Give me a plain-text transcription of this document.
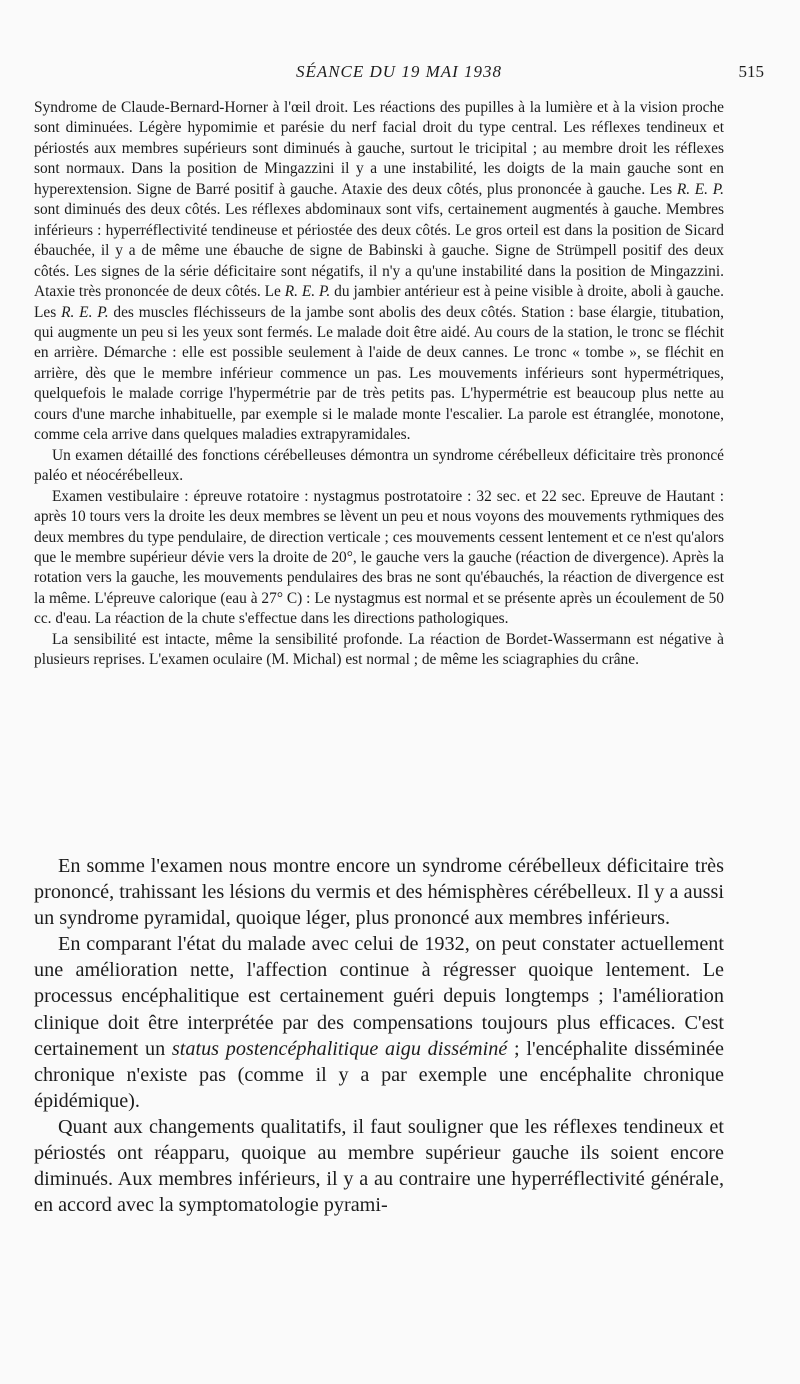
SÉANCE DU 19 MAI 1938	515

Syndrome de Claude-Bernard-Horner à l'œil droit. Les réactions des pupilles à la lumière et à la vision proche sont diminuées. Légère hypomimie et parésie du nerf facial droit du type central. Les réflexes tendineux et périostés aux membres supérieurs sont diminués à gauche, surtout le tricipital ; au membre droit les réflexes sont normaux. Dans la position de Mingazzini il y a une instabilité, les doigts de la main gauche sont en hyperextension. Signe de Barré positif à gauche. Ataxie des deux côtés, plus prononcée à gauche. Les R. E. P. sont diminués des deux côtés. Les réflexes abdominaux sont vifs, certainement augmentés à gauche. Membres inférieurs : hyperréflectivité tendineuse et périostée des deux côtés. Le gros orteil est dans la position de Sicard ébauchée, il y a de même une ébauche de signe de Babinski à gauche. Signe de Strümpell positif des deux côtés. Les signes de la série déficitaire sont négatifs, il n'y a qu'une instabilité dans la position de Mingazzini. Ataxie très prononcée de deux côtés. Le R. E. P. du jambier antérieur est à peine visible à droite, aboli à gauche. Les R. E. P. des muscles fléchisseurs de la jambe sont abolis des deux côtés. Station : base élargie, titubation, qui augmente un peu si les yeux sont fermés. Le malade doit être aidé. Au cours de la station, le tronc se fléchit en arrière. Démarche : elle est possible seulement à l'aide de deux cannes. Le tronc « tombe », se fléchit en arrière, dès que le membre inférieur commence un pas. Les mouvements inférieurs sont hypermétriques, quelquefois le malade corrige l'hypermétrie par de très petits pas. L'hypermétrie est beaucoup plus nette au cours d'une marche inhabituelle, par exemple si le malade monte l'escalier. La parole est étranglée, monotone, comme cela arrive dans quelques maladies extrapyramidales.

Un examen détaillé des fonctions cérébelleuses démontra un syndrome cérébelleux déficitaire très prononcé paléo et néocérébelleux.

Examen vestibulaire : épreuve rotatoire : nystagmus postrotatoire : 32 sec. et 22 sec. Epreuve de Hautant : après 10 tours vers la droite les deux membres se lèvent un peu et nous voyons des mouvements rythmiques des deux membres du type pendulaire, de direction verticale ; ces mouvements cessent lentement et ce n'est qu'alors que le membre supérieur dévie vers la droite de 20°, le gauche vers la gauche (réaction de divergence). Après la rotation vers la gauche, les mouvements pendulaires des bras ne sont qu'ébauchés, la réaction de divergence est la même. L'épreuve calorique (eau à 27° C) : Le nystagmus est normal et se présente après un écoulement de 50 cc. d'eau. La réaction de la chute s'effectue dans les directions pathologiques.

La sensibilité est intacte, même la sensibilité profonde. La réaction de Bordet-Wassermann est négative à plusieurs reprises. L'examen oculaire (M. Michal) est normal ; de même les sciagraphies du crâne.

En somme l'examen nous montre encore un syndrome cérébelleux déficitaire très prononcé, trahissant les lésions du vermis et des hémisphères cérébelleux. Il y a aussi un syndrome pyramidal, quoique léger, plus prononcé aux membres inférieurs.

En comparant l'état du malade avec celui de 1932, on peut constater actuellement une amélioration nette, l'affection continue à régresser quoique lentement. Le processus encéphalitique est certainement guéri depuis longtemps ; l'amélioration clinique doit être interprétée par des compensations toujours plus efficaces. C'est certainement un status postencéphalitique aigu disséminé ; l'encéphalite disséminée chronique n'existe pas (comme il y a par exemple une encéphalite chronique épidémique).

Quant aux changements qualitatifs, il faut souligner que les réflexes tendineux et périostés ont réapparu, quoique au membre supérieur gauche ils soient encore diminués. Aux membres inférieurs, il y a au contraire une hyperréflectivité générale, en accord avec la symptomatologie pyrami-
